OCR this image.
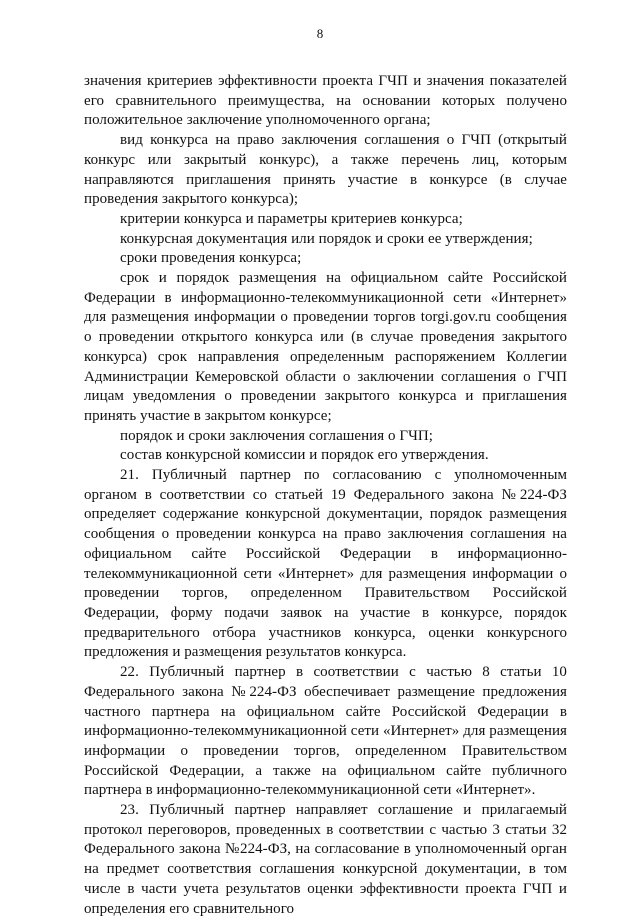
8

значения критериев эффективности проекта ГЧП и значения показателей его сравнительного преимущества, на основании которых получено положительное заключение уполномоченного органа;

вид конкурса на право заключения соглашения о ГЧП (открытый конкурс или закрытый конкурс), а также перечень лиц, которым направляются приглашения принять участие в конкурсе (в случае проведения закрытого конкурса);

критерии конкурса и параметры критериев конкурса;

конкурсная документация или порядок и сроки ее утверждения;

сроки проведения конкурса;

срок и порядок размещения на официальном сайте Российской Федерации в информационно-телекоммуникационной сети «Интернет» для размещения информации о проведении торгов torgi.gov.ru сообщения о проведении открытого конкурса или (в случае проведения закрытого конкурса) срок направления определенным распоряжением Коллегии Администрации Кемеровской области о заключении соглашения о ГЧП лицам уведомления о проведении закрытого конкурса и приглашения принять участие в закрытом конкурсе;

порядок и сроки заключения соглашения о ГЧП;

состав конкурсной комиссии и порядок его утверждения.

21. Публичный партнер по согласованию с уполномоченным органом в соответствии со статьей 19 Федерального закона №224-ФЗ определяет содержание конкурсной документации, порядок размещения сообщения о проведении конкурса на право заключения соглашения на официальном сайте Российской Федерации в информационно-телекоммуникационной сети «Интернет» для размещения информации о проведении торгов, определенном Правительством Российской Федерации, форму подачи заявок на участие в конкурсе, порядок предварительного отбора участников конкурса, оценки конкурсного предложения и размещения результатов конкурса.

22. Публичный партнер в соответствии с частью 8 статьи 10 Федерального закона №224-ФЗ обеспечивает размещение предложения частного партнера на официальном сайте Российской Федерации в информационно-телекоммуникационной сети «Интернет» для размещения информации о проведении торгов, определенном Правительством Российской Федерации, а также на официальном сайте публичного партнера в информационно-телекоммуникационной сети «Интернет».

23. Публичный партнер направляет соглашение и прилагаемый протокол переговоров, проведенных в соответствии с частью 3 статьи 32 Федерального закона №224-ФЗ, на согласование в уполномоченный орган на предмет соответствия соглашения конкурсной документации, в том числе в части учета результатов оценки эффективности проекта ГЧП и определения его сравнительного
